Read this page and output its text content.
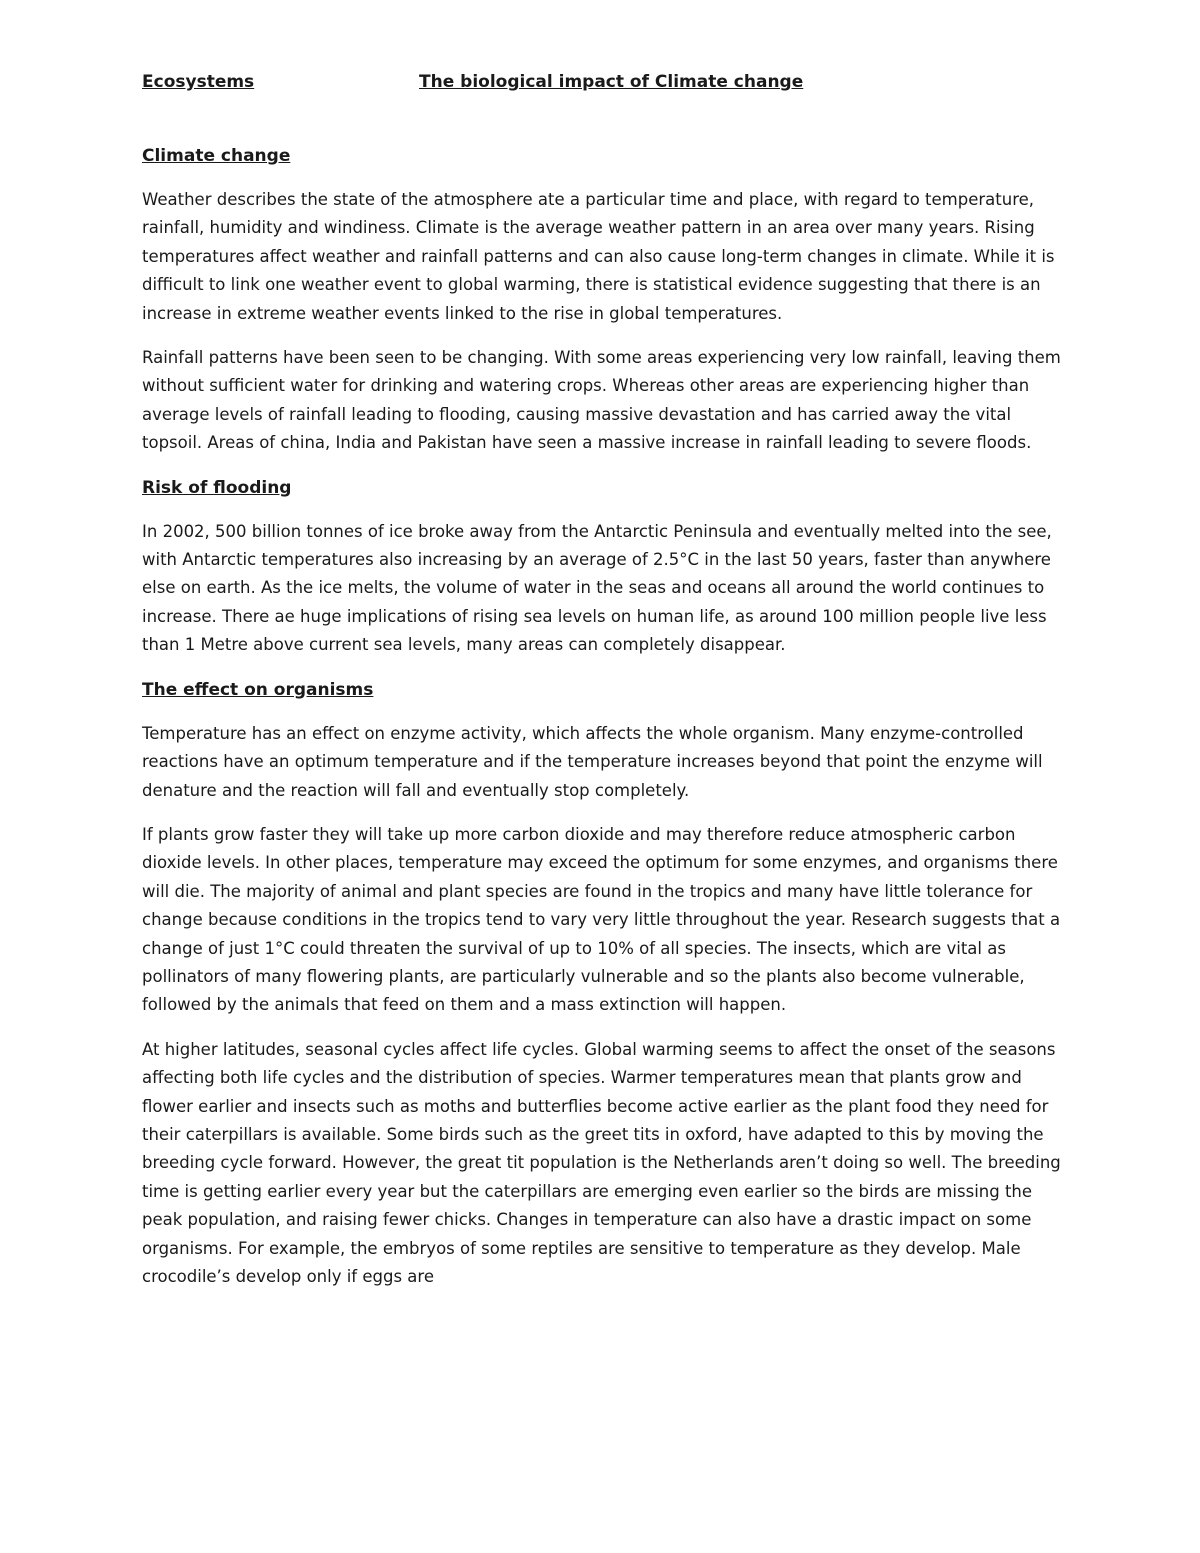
Ecosystems	The biological impact of Climate change
Climate change

Weather describes the state of the atmosphere ate a particular time and place, with regard to temperature, rainfall, humidity and windiness. Climate is the average weather pattern in an area over many years. Rising temperatures affect weather and rainfall patterns and can also cause long-term changes in climate. While it is difficult to link one weather event to global warming, there is statistical evidence suggesting that there is an increase in extreme weather events linked to the rise in global temperatures.

Rainfall patterns have been seen to be changing. With some areas experiencing very low rainfall, leaving them without sufficient water for drinking and watering crops. Whereas other areas are experiencing higher than average levels of rainfall leading to flooding, causing massive devastation and has carried away the vital topsoil. Areas of china, India and Pakistan have seen a massive increase in rainfall leading to severe floods.

Risk of flooding

In 2002, 500 billion tonnes of ice broke away from the Antarctic Peninsula and eventually melted into the see, with Antarctic temperatures also increasing by an average of 2.5°C in the last 50 years, faster than anywhere else on earth. As the ice melts, the volume of water in the seas and oceans all around the world continues to increase. There ae huge implications of rising sea levels on human life, as around 100 million people live less than 1 Metre above current sea levels, many areas can completely disappear.

The effect on organisms

Temperature has an effect on enzyme activity, which affects the whole organism. Many enzyme-controlled reactions have an optimum temperature and if the temperature increases beyond that point the enzyme will denature and the reaction will fall and eventually stop completely.

If plants grow faster they will take up more carbon dioxide and may therefore reduce atmospheric carbon dioxide levels. In other places, temperature may exceed the optimum for some enzymes, and organisms there will die. The majority of animal and plant species are found in the tropics and many have little tolerance for change because conditions in the tropics tend to vary very little throughout the year. Research suggests that a change of just 1°C could threaten the survival of up to 10% of all species. The insects, which are vital as pollinators of many flowering plants, are particularly vulnerable and so the plants also become vulnerable, followed by the animals that feed on them and a mass extinction will happen.

At higher latitudes, seasonal cycles affect life cycles. Global warming seems to affect the onset of the seasons affecting both life cycles and the distribution of species. Warmer temperatures mean that plants grow and flower earlier and insects such as moths and butterflies become active earlier as the plant food they need for their caterpillars is available. Some birds such as the greet tits in oxford, have adapted to this by moving the breeding cycle forward. However, the great tit population is the Netherlands aren’t doing so well. The breeding time is getting earlier every year but the caterpillars are emerging even earlier so the birds are missing the peak population, and raising fewer chicks. Changes in temperature can also have a drastic impact on some organisms. For example, the embryos of some reptiles are sensitive to temperature as they develop. Male crocodile’s develop only if eggs are
